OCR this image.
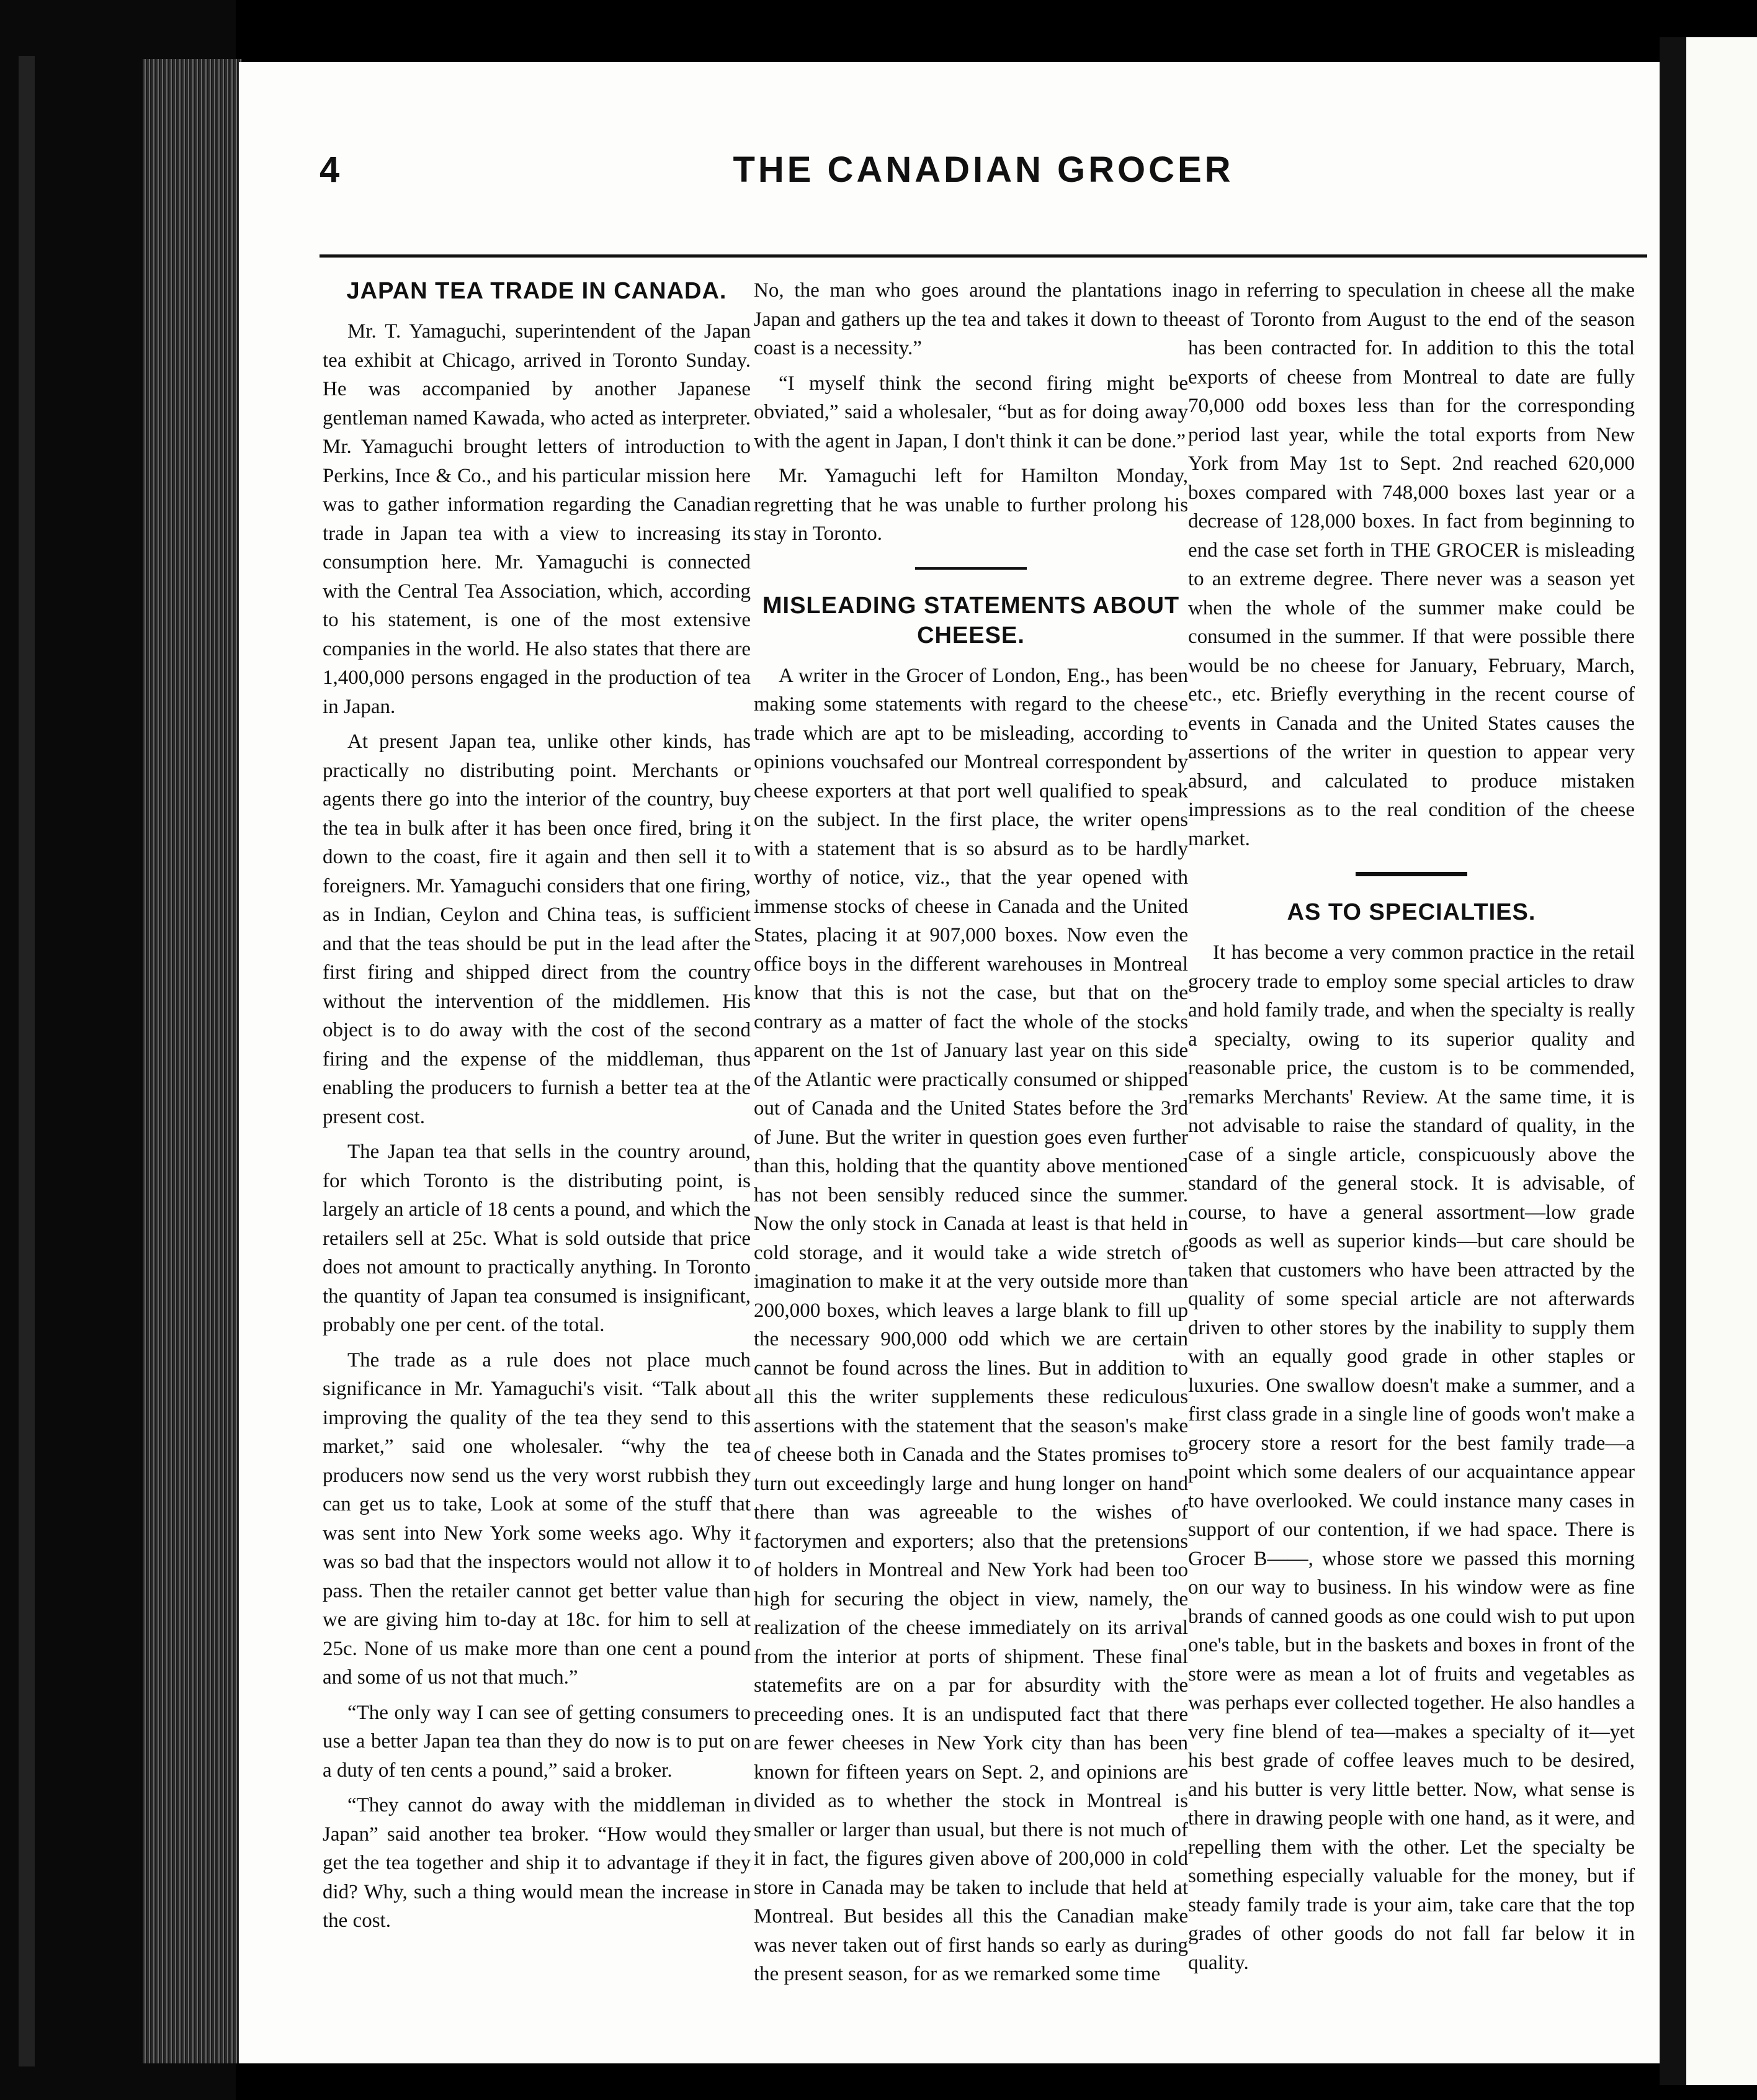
4	THE CANADIAN GROCER
JAPAN TEA TRADE IN CANADA.

Mr. T. Yamaguchi, superintendent of the Japan tea exhibit at Chicago, arrived in Toronto Sunday. He was accompanied by another Japanese gentleman named Kawada, who acted as interpreter. Mr. Yamaguchi brought letters of introduction to Perkins, Ince & Co., and his particular mission here was to gather information regarding the Canadian trade in Japan tea with a view to increasing its consumption here. Mr. Yamaguchi is connected with the Central Tea Association, which, according to his statement, is one of the most extensive companies in the world. He also states that there are 1,400,000 persons engaged in the production of tea in Japan.

At present Japan tea, unlike other kinds, has practically no distributing point. Merchants or agents there go into the interior of the country, buy the tea in bulk after it has been once fired, bring it down to the coast, fire it again and then sell it to foreigners. Mr. Yamaguchi considers that one firing, as in Indian, Ceylon and China teas, is sufficient and that the teas should be put in the lead after the first firing and shipped direct from the country without the intervention of the middlemen. His object is to do away with the cost of the second firing and the expense of the middleman, thus enabling the producers to furnish a better tea at the present cost.

The Japan tea that sells in the country around, for which Toronto is the distributing point, is largely an article of 18 cents a pound, and which the retailers sell at 25c. What is sold outside that price does not amount to practically anything. In Toronto the quantity of Japan tea consumed is insignificant, probably one per cent. of the total.

The trade as a rule does not place much significance in Mr. Yamaguchi's visit. “Talk about improving the quality of the tea they send to this market,” said one wholesaler. “why the tea producers now send us the very worst rubbish they can get us to take, Look at some of the stuff that was sent into New York some weeks ago. Why it was so bad that the inspectors would not allow it to pass. Then the retailer cannot get better value than we are giving him to-day at 18c. for him to sell at 25c. None of us make more than one cent a pound and some of us not that much.”

“The only way I can see of getting consumers to use a better Japan tea than they do now is to put on a duty of ten cents a pound,” said a broker.

“They cannot do away with the middleman in Japan” said another tea broker. “How would they get the tea together and ship it to advantage if they did? Why, such a thing would mean the increase in the cost.

No, the man who goes around the plantations in Japan and gathers up the tea and takes it down to the coast is a necessity.”

“I myself think the second firing might be obviated,” said a wholesaler, “but as for doing away with the agent in Japan, I don't think it can be done.”

Mr. Yamaguchi left for Hamilton Monday, regretting that he was unable to further prolong his stay in Toronto.

MISLEADING STATEMENTS ABOUT CHEESE.

A writer in the Grocer of London, Eng., has been making some statements with regard to the cheese trade which are apt to be misleading, according to opinions vouchsafed our Montreal correspondent by cheese exporters at that port well qualified to speak on the subject. In the first place, the writer opens with a statement that is so absurd as to be hardly worthy of notice, viz., that the year opened with immense stocks of cheese in Canada and the United States, placing it at 907,000 boxes. Now even the office boys in the different warehouses in Montreal know that this is not the case, but that on the contrary as a matter of fact the whole of the stocks apparent on the 1st of January last year on this side of the Atlantic were practically consumed or shipped out of Canada and the United States before the 3rd of June. But the writer in question goes even further than this, holding that the quantity above mentioned has not been sensibly reduced since the summer. Now the only stock in Canada at least is that held in cold storage, and it would take a wide stretch of imagination to make it at the very outside more than 200,000 boxes, which leaves a large blank to fill up the necessary 900,000 odd which we are certain cannot be found across the lines. But in addition to all this the writer supplements these rediculous assertions with the statement that the season's make of cheese both in Canada and the States promises to turn out exceedingly large and hung longer on hand there than was agreeable to the wishes of factorymen and exporters; also that the pretensions of holders in Montreal and New York had been too high for securing the object in view, namely, the realization of the cheese immediately on its arrival from the interior at ports of shipment. These final statemefits are on a par for absurdity with the preceeding ones. It is an undisputed fact that there are fewer cheeses in New York city than has been known for fifteen years on Sept. 2, and opinions are divided as to whether the stock in Montreal is smaller or larger than usual, but there is not much of it in fact, the figures given above of 200,000 in cold store in Canada may be taken to include that held at Montreal. But besides all this the Canadian make was never taken out of first hands so early as during the present season, for as we remarked some time

ago in referring to speculation in cheese all the make east of Toronto from August to the end of the season has been contracted for. In addition to this the total exports of cheese from Montreal to date are fully 70,000 odd boxes less than for the corresponding period last year, while the total exports from New York from May 1st to Sept. 2nd reached 620,000 boxes compared with 748,000 boxes last year or a decrease of 128,000 boxes. In fact from beginning to end the case set forth in THE GROCER is misleading to an extreme degree. There never was a season yet when the whole of the summer make could be consumed in the summer. If that were possible there would be no cheese for January, February, March, etc., etc. Briefly everything in the recent course of events in Canada and the United States causes the assertions of the writer in question to appear very absurd, and calculated to produce mistaken impressions as to the real condition of the cheese market.

AS TO SPECIALTIES.

It has become a very common practice in the retail grocery trade to employ some special articles to draw and hold family trade, and when the specialty is really a specialty, owing to its superior quality and reasonable price, the custom is to be commended, remarks Merchants' Review. At the same time, it is not advisable to raise the standard of quality, in the case of a single article, conspicuously above the standard of the general stock. It is advisable, of course, to have a general assortment—low grade goods as well as superior kinds—but care should be taken that customers who have been attracted by the quality of some special article are not afterwards driven to other stores by the inability to supply them with an equally good grade in other staples or luxuries. One swallow doesn't make a summer, and a first class grade in a single line of goods won't make a grocery store a resort for the best family trade—a point which some dealers of our acquaintance appear to have overlooked. We could instance many cases in support of our contention, if we had space. There is Grocer B——, whose store we passed this morning on our way to business. In his window were as fine brands of canned goods as one could wish to put upon one's table, but in the baskets and boxes in front of the store were as mean a lot of fruits and vegetables as was perhaps ever collected together. He also handles a very fine blend of tea—makes a specialty of it—yet his best grade of coffee leaves much to be desired, and his butter is very little better. Now, what sense is there in drawing people with one hand, as it were, and repelling them with the other. Let the specialty be something especially valuable for the money, but if steady family trade is your aim, take care that the top grades of other goods do not fall far below it in quality.
